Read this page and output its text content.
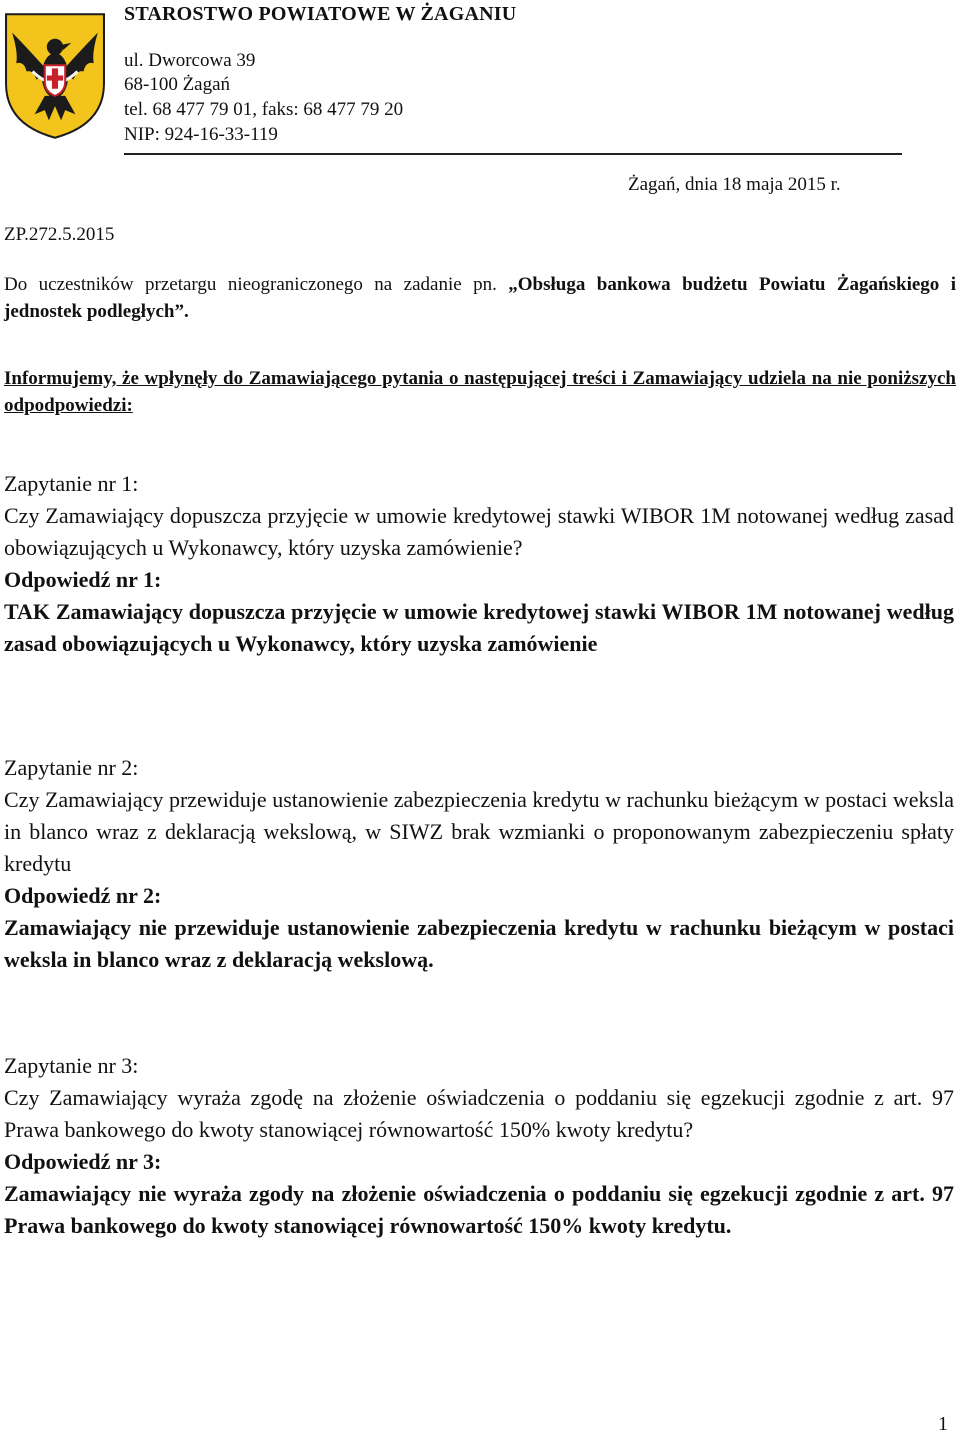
STAROSTWO POWIATOWE W ŻAGANIU
ul. Dworcowa 39
68-100 Żagań
tel. 68 477 79 01, faks: 68 477 79 20
NIP: 924-16-33-119
Żagań, dnia 18 maja 2015 r.
ZP.272.5.2015
Do uczestników przetargu nieograniczonego na zadanie pn. „Obsługa bankowa budżetu Powiatu Żagańskiego i jednostek podległych”.
Informujemy, że wpłynęły do Zamawiającego pytania o następującej treści i Zamawiający udziela na nie poniższych odpodpowiedzi:

Zapytanie nr 1:

Czy Zamawiający dopuszcza przyjęcie w umowie kredytowej stawki WIBOR 1M notowanej według zasad obowiązujących u Wykonawcy, który uzyska zamówienie?

Odpowiedź nr 1:

TAK Zamawiający dopuszcza przyjęcie w umowie kredytowej stawki WIBOR 1M notowanej według zasad obowiązujących u Wykonawcy, który uzyska zamówienie

Zapytanie nr 2:

Czy Zamawiający przewiduje ustanowienie zabezpieczenia kredytu w rachunku bieżącym w postaci weksla in blanco wraz z deklaracją wekslową, w SIWZ brak wzmianki o proponowanym zabezpieczeniu spłaty kredytu

Odpowiedź nr 2:

Zamawiający nie przewiduje ustanowienie zabezpieczenia kredytu w rachunku bieżącym w postaci weksla in blanco wraz z deklaracją wekslową.

Zapytanie nr 3:

Czy Zamawiający wyraża zgodę na złożenie oświadczenia o poddaniu się egzekucji zgodnie z art. 97 Prawa bankowego do kwoty stanowiącej równowartość 150% kwoty kredytu?

Odpowiedź nr 3:

Zamawiający nie wyraża zgody na złożenie oświadczenia o poddaniu się egzekucji zgodnie z art. 97 Prawa bankowego do kwoty stanowiącej równowartość 150% kwoty kredytu.

1
